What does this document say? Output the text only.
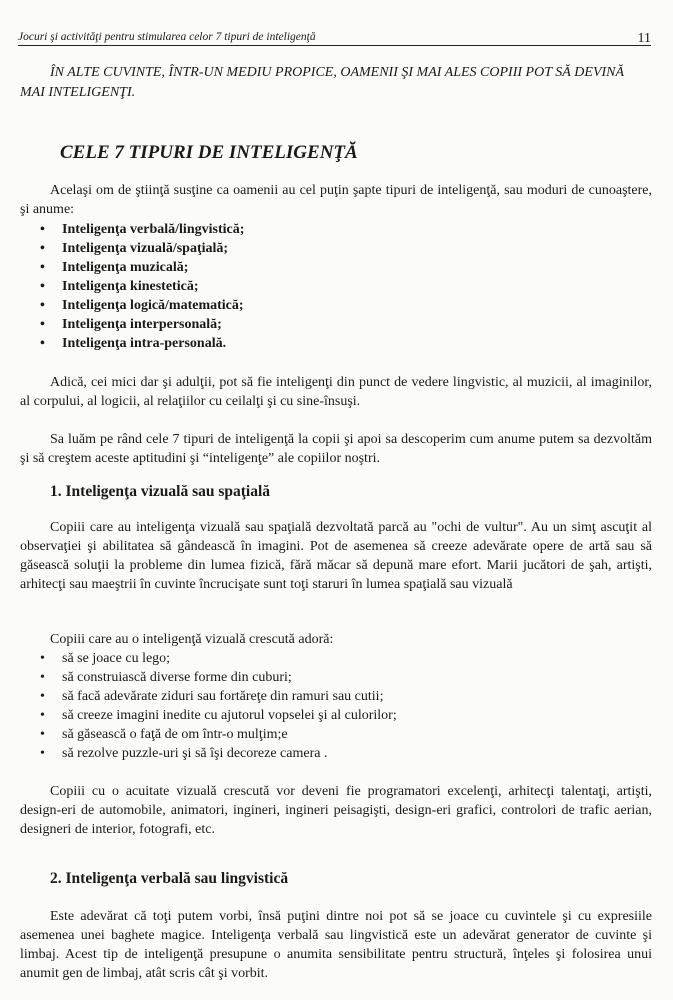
Jocuri şi activităţi pentru stimularea celor 7 tipuri de inteligenţă	11

ÎN ALTE CUVINTE, ÎNTR-UN MEDIU PROPICE, OAMENII ŞI MAI ALES COPIII POT SĂ DEVINĂ MAI INTELIGENŢI.

CELE 7 TIPURI DE INTELIGENŢĂ

Acelaşi om de ştiinţă susţine ca oamenii au cel puţin şapte tipuri de inteligenţă, sau moduri de cunoaştere, şi anume:

• Inteligenţa verbală/lingvistică;
• Inteligenţa vizuală/spaţială;
• Inteligenţa muzicală;
• Inteligenţa kinestetică;
• Inteligenţa logică/matematică;
• Inteligenţa interpersonală;
• Inteligenţa intra-personală.

Adică, cei mici dar şi adulţii, pot să fie inteligenţi din punct de vedere lingvistic, al muzicii, al imaginilor, al corpului, al logicii, al relaţiilor cu ceilalţi şi cu sine-însuşi.

Sa luăm pe rând cele 7 tipuri de inteligenţă la copii şi apoi sa descoperim cum anume putem sa dezvoltăm şi să creştem aceste aptitudini şi “inteligenţe” ale copiilor noştri.

1. Inteligenţa vizuală sau spaţială

Copiii care au inteligenţa vizuală sau spaţială dezvoltată parcă au "ochi de vultur". Au un simţ ascuţit al observaţiei şi abilitatea să gândească în imagini. Pot de asemenea să creeze adevărate opere de artă sau să găsească soluţii la probleme din lumea fizică, fără măcar să depună mare efort. Marii jucători de şah, artişti, arhitecţi sau maeştrii în cuvinte încrucişate sunt toţi staruri în lumea spaţială sau vizuală

Copiii care au o inteligenţă vizuală crescută adoră:

• să se joace cu lego;
• să construiască diverse forme din cuburi;
• să facă adevărate ziduri sau fortăreţe din ramuri sau cutii;
• să creeze imagini inedite cu ajutorul vopselei şi al culorilor;
• să găsească o faţă de om într-o mulţim;e
• să rezolve puzzle-uri şi să îşi decoreze camera .

Copiii cu o acuitate vizuală crescută vor deveni fie programatori excelenţi, arhitecţi talentaţi, artişti, design-eri de automobile, animatori, ingineri, ingineri peisagişti, design-eri grafici, controlori de trafic aerian, designeri de interior, fotografi, etc.

2. Inteligenţa verbală sau lingvistică

Este adevărat că toţi putem vorbi, însă puţini dintre noi pot să se joace cu cuvintele şi cu expresiile asemenea unei baghete magice. Inteligenţa verbală sau lingvistică este un adevărat generator de cuvinte şi limbaj. Acest tip de inteligenţă presupune o anumita sensibilitate pentru structură, înţeles şi folosirea unui anumit gen de limbaj, atât scris cât şi vorbit.
